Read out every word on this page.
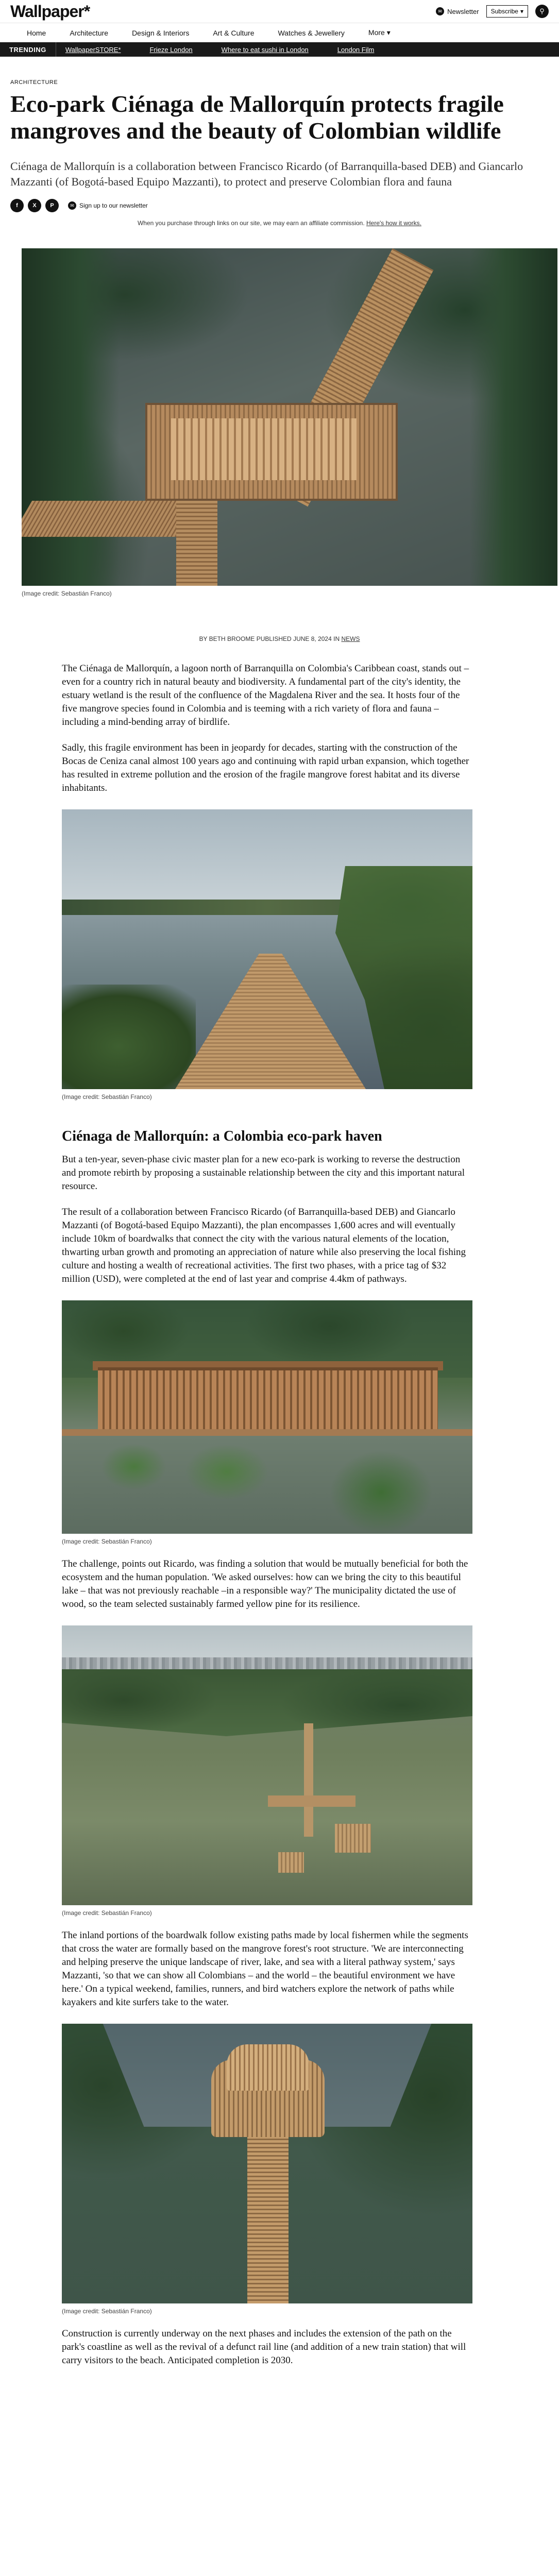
Wallpaper*	✉ Newsletter Subscribe ▾	⚲
Home	Architecture	Design & Interiors	Art & Culture	Watches & Jewellery	More ▾
TRENDING	WallpaperSTORE*	Frieze London	Where to eat sushi in London	London Film
ARCHITECTURE
Eco-park Ciénaga de Mallorquín protects fragile mangroves and the beauty of Colombian wildlife

Ciénaga de Mallorquín is a collaboration between Francisco Ricardo (of Barranquilla-based DEB) and Giancarlo Mazzanti (of Bogotá-based Equipo Mazzanti), to protect and preserve Colombian flora and fauna

f	X	P	✉ Sign up to our newsletter

When you purchase through links on our site, we may earn an affiliate commission. Here's how it works.

(Image credit: Sebastián Franco)

BY BETH BROOME PUBLISHED JUNE 8, 2024 IN NEWS

The Ciénaga de Mallorquín, a lagoon north of Barranquilla on Colombia's Caribbean coast, stands out – even for a country rich in natural beauty and biodiversity. A fundamental part of the city's identity, the estuary wetland is the result of the confluence of the Magdalena River and the sea. It hosts four of the five mangrove species found in Colombia and is teeming with a rich variety of flora and fauna –including a mind-bending array of birdlife.

Sadly, this fragile environment has been in jeopardy for decades, starting with the construction of the Bocas de Ceniza canal almost 100 years ago and continuing with rapid urban expansion, which together has resulted in extreme pollution and the erosion of the fragile mangrove forest habitat and its diverse inhabitants.

(Image credit: Sebastián Franco)
Ciénaga de Mallorquín: a Colombia eco-park haven

But a ten-year, seven-phase civic master plan for a new eco-park is working to reverse the destruction and promote rebirth by proposing a sustainable relationship between the city and this important natural resource.

The result of a collaboration between Francisco Ricardo (of Barranquilla-based DEB) and Giancarlo Mazzanti (of Bogotá-based Equipo Mazzanti), the plan encompasses 1,600 acres and will eventually include 10km of boardwalks that connect the city with the various natural elements of the location, thwarting urban growth and promoting an appreciation of nature while also preserving the local fishing culture and hosting a wealth of recreational activities. The first two phases, with a price tag of $32 million (USD), were completed at the end of last year and comprise 4.4km of pathways.

(Image credit: Sebastián Franco)

The challenge, points out Ricardo, was finding a solution that would be mutually beneficial for both the ecosystem and the human population. 'We asked ourselves: how can we bring the city to this beautiful lake – that was not previously reachable –in a responsible way?' The municipality dictated the use of wood, so the team selected sustainably farmed yellow pine for its resilience.

(Image credit: Sebastián Franco)

The inland portions of the boardwalk follow existing paths made by local fishermen while the segments that cross the water are formally based on the mangrove forest's root structure. 'We are interconnecting and helping preserve the unique landscape of river, lake, and sea with a literal pathway system,' says Mazzanti, 'so that we can show all Colombians – and the world – the beautiful environment we have here.' On a typical weekend, families, runners, and bird watchers explore the network of paths while kayakers and kite surfers take to the water.

(Image credit: Sebastián Franco)

Construction is currently underway on the next phases and includes the extension of the path on the park's coastline as well as the revival of a defunct rail line (and addition of a new train station) that will carry visitors to the beach. Anticipated completion is 2030.
